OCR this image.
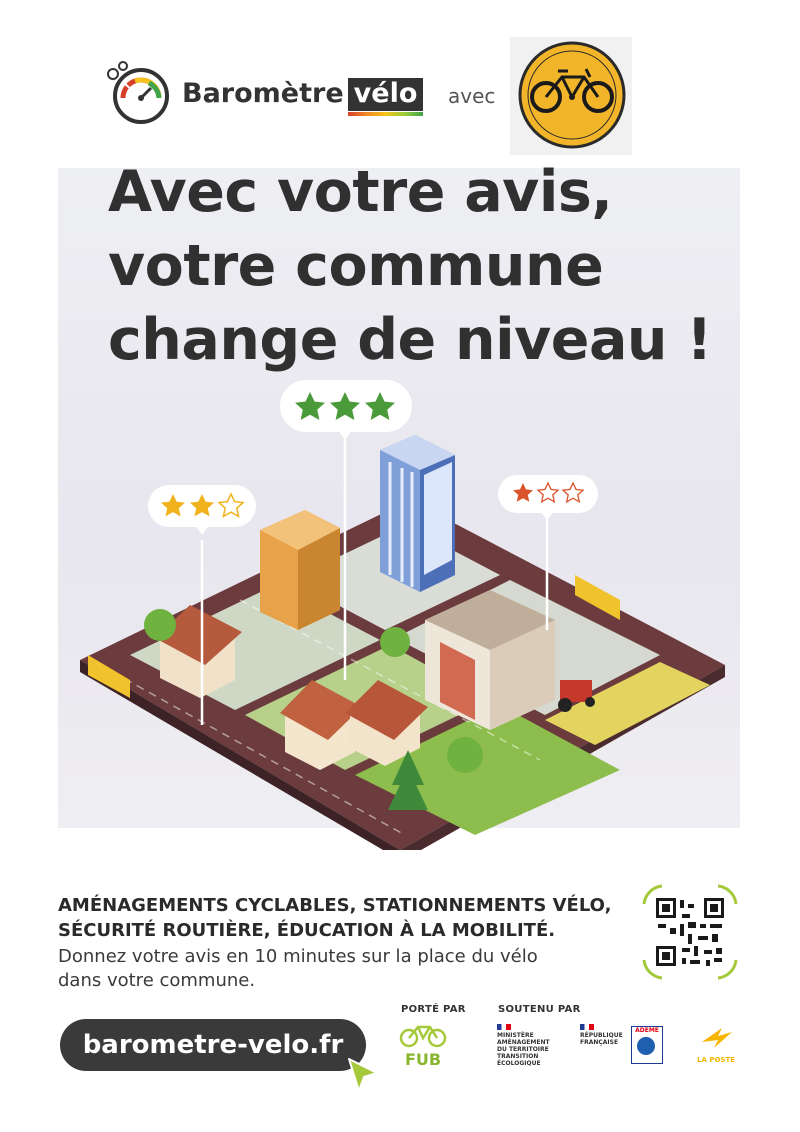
Baromètre vélo	avec
Avec votre avis,
votre commune
change de niveau !
AMÉNAGEMENTS CYCLABLES, STATIONNEMENTS VÉLO,
SÉCURITÉ ROUTIÈRE, ÉDUCATION À LA MOBILITÉ.
Donnez votre avis en 10 minutes sur la place du vélo
dans votre commune.
barometre-velo.fr
PORTÉ PAR	SOUTENU PAR
FUB
MINISTÈRE
AMÉNAGEMENT
DU TERRITOIRE
TRANSITION
ÉCOLOGIQUE
RÉPUBLIQUE
FRANÇAISE
ADEME
LA POSTE
